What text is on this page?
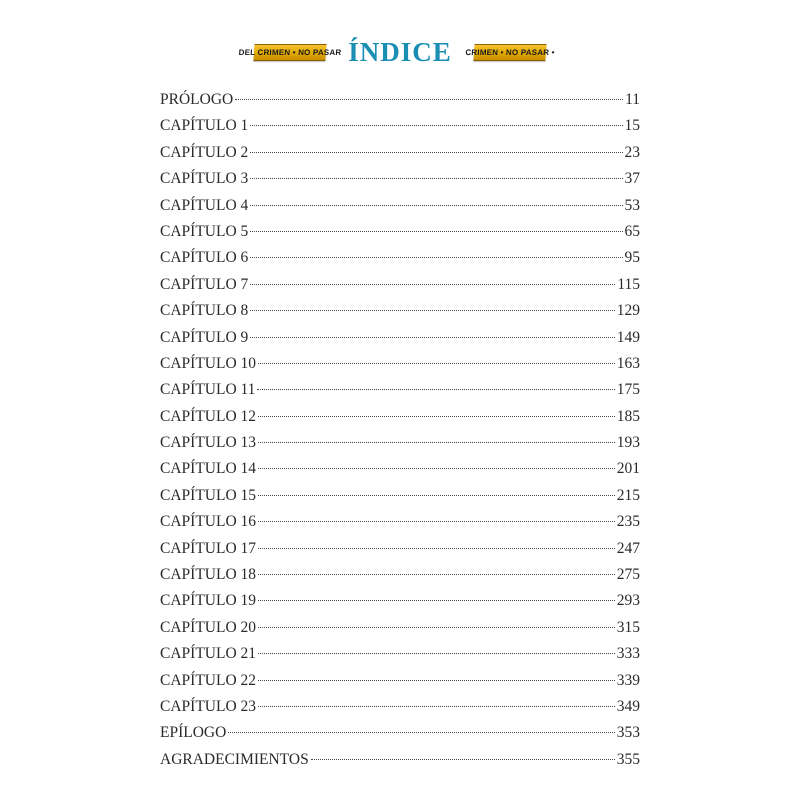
DEL CRIMEN • NO PASAR ÍNDICE CRIMEN • NO PASAR •
PRÓLOGO	11
CAPÍTULO 1	15
CAPÍTULO 2	23
CAPÍTULO 3	37
CAPÍTULO 4	53
CAPÍTULO 5	65
CAPÍTULO 6	95
CAPÍTULO 7	115
CAPÍTULO 8	129
CAPÍTULO 9	149
CAPÍTULO 10	163
CAPÍTULO 11	175
CAPÍTULO 12	185
CAPÍTULO 13	193
CAPÍTULO 14	201
CAPÍTULO 15	215
CAPÍTULO 16	235
CAPÍTULO 17	247
CAPÍTULO 18	275
CAPÍTULO 19	293
CAPÍTULO 20	315
CAPÍTULO 21	333
CAPÍTULO 22	339
CAPÍTULO 23	349
EPÍLOGO	353
AGRADECIMIENTOS	355
